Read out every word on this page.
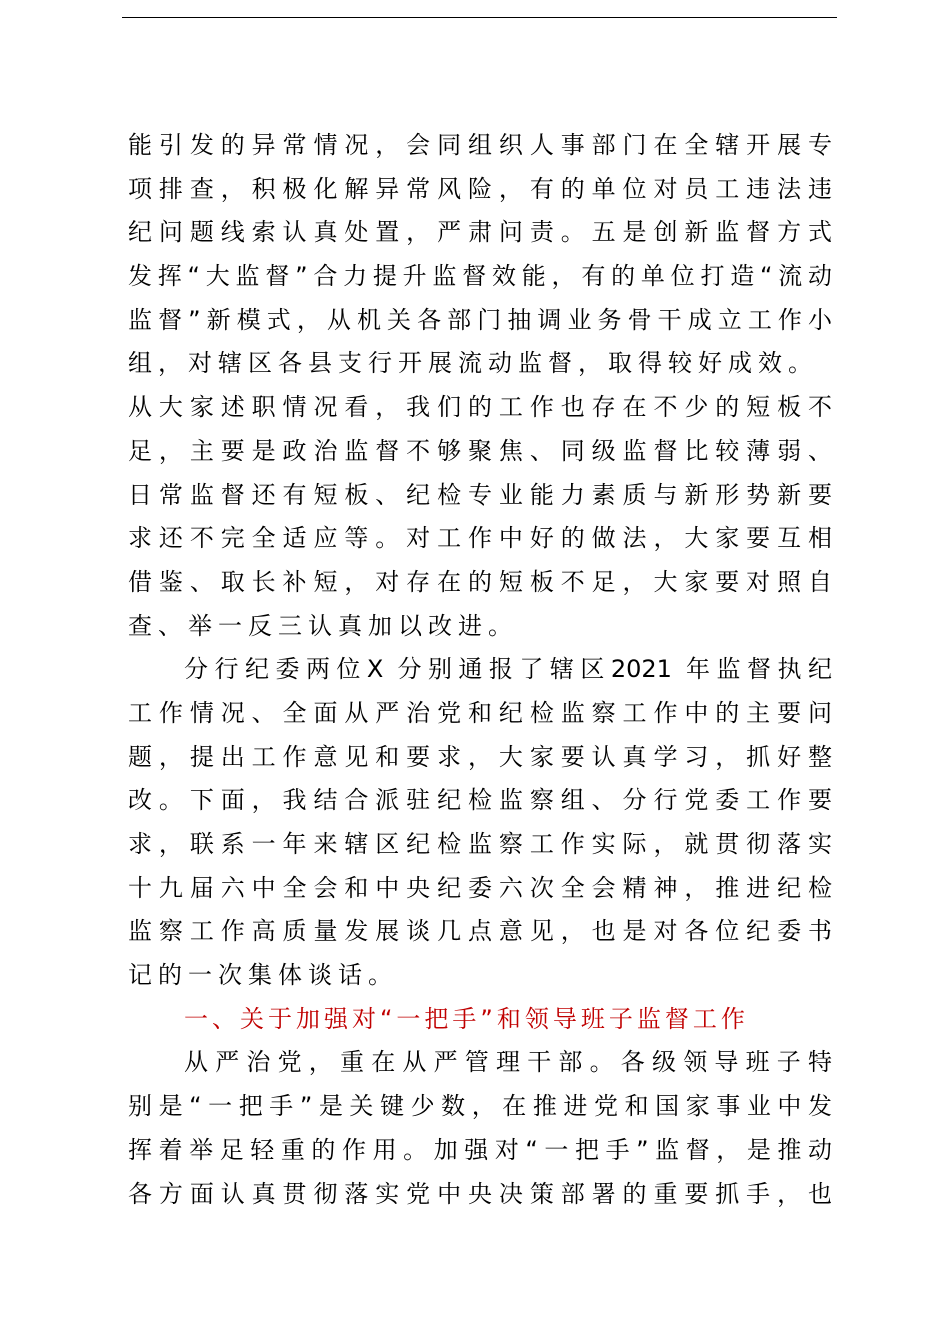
能引发的异常情况，会同组织人事部门在全辖开展专
项排查，积极化解异常风险，有的单位对员工违法违
纪问题线索认真处置，严肃问责。五是创新监督方式
发挥“大监督”合力提升监督效能，有的单位打造“流动
监督”新模式，从机关各部门抽调业务骨干成立工作小
组，对辖区各县支行开展流动监督，取得较好成效。
从大家述职情况看，我们的工作也存在不少的短板不
足，主要是政治监督不够聚焦、同级监督比较薄弱、
日常监督还有短板、纪检专业能力素质与新形势新要
求还不完全适应等。对工作中好的做法，大家要互相
借鉴、取长补短，对存在的短板不足，大家要对照自
查、举一反三认真加以改进。
分行纪委两位X 分别通报了辖区2021 年监督执纪
工作情况、全面从严治党和纪检监察工作中的主要问
题，提出工作意见和要求，大家要认真学习，抓好整
改。下面，我结合派驻纪检监察组、分行党委工作要
求，联系一年来辖区纪检监察工作实际，就贯彻落实
十九届六中全会和中央纪委六次全会精神，推进纪检
监察工作高质量发展谈几点意见，也是对各位纪委书
记的一次集体谈话。
一、关于加强对“一把手”和领导班子监督工作
从严治党，重在从严管理干部。各级领导班子特
别是“一把手”是关键少数，在推进党和国家事业中发
挥着举足轻重的作用。加强对“一把手”监督，是推动
各方面认真贯彻落实党中央决策部署的重要抓手，也
